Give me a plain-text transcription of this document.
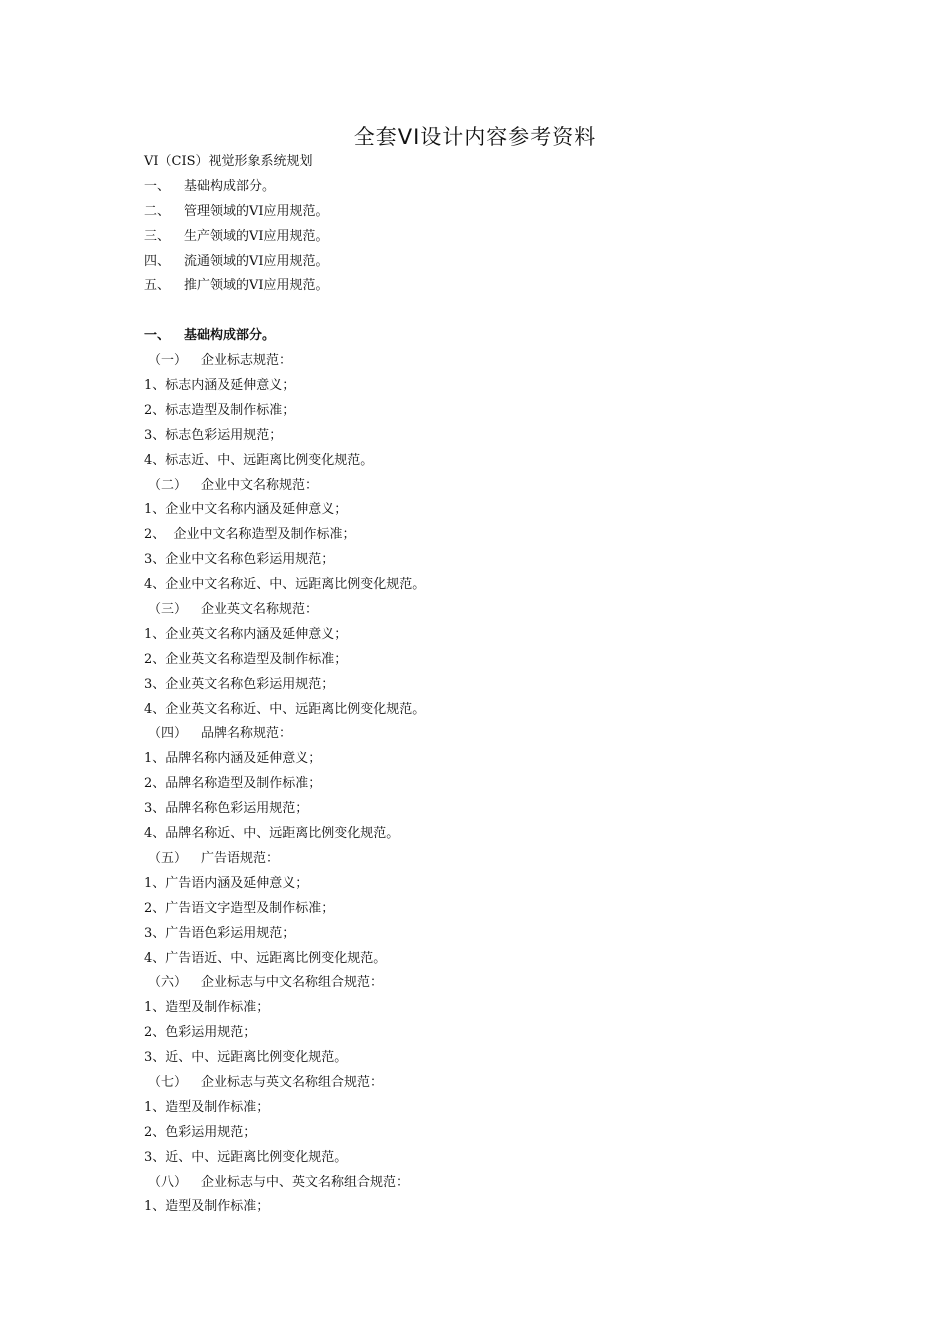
全套VI设计内容参考资料
VI（CIS）视觉形象系统规划
一、 基础构成部分。
二、 管理领域的VI应用规范。
三、 生产领域的VI应用规范。
四、 流通领域的VI应用规范。
五、 推广领域的VI应用规范。
一、 基础构成部分。
（一） 企业标志规范：
1、标志内涵及延伸意义；
2、标志造型及制作标准；
3、标志色彩运用规范；
4、标志近、中、远距离比例变化规范。
（二） 企业中文名称规范：
1、企业中文名称内涵及延伸意义；
2、  企业中文名称造型及制作标准；
3、企业中文名称色彩运用规范；
4、企业中文名称近、中、远距离比例变化规范。
（三） 企业英文名称规范：
1、企业英文名称内涵及延伸意义；
2、企业英文名称造型及制作标准；
3、企业英文名称色彩运用规范；
4、企业英文名称近、中、远距离比例变化规范。
（四） 品牌名称规范：
1、品牌名称内涵及延伸意义；
2、品牌名称造型及制作标准；
3、品牌名称色彩运用规范；
4、品牌名称近、中、远距离比例变化规范。
（五） 广告语规范：
1、广告语内涵及延伸意义；
2、广告语文字造型及制作标准；
3、广告语色彩运用规范；
4、广告语近、中、远距离比例变化规范。
（六） 企业标志与中文名称组合规范：
1、造型及制作标准；
2、色彩运用规范；
3、近、中、远距离比例变化规范。
（七） 企业标志与英文名称组合规范：
1、造型及制作标准；
2、色彩运用规范；
3、近、中、远距离比例变化规范。
（八） 企业标志与中、英文名称组合规范：
1、造型及制作标准；
